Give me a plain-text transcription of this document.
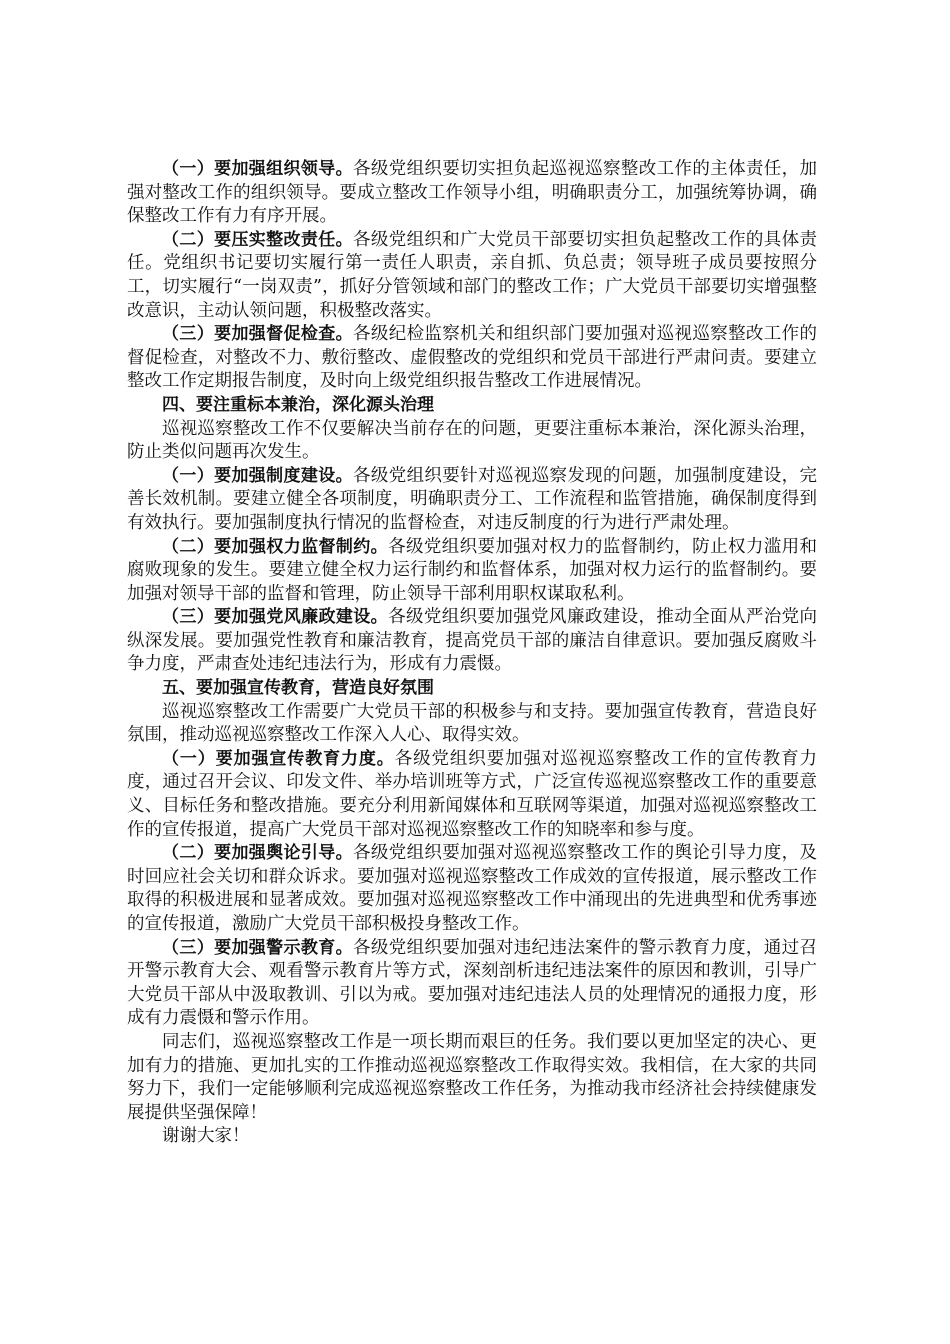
（一）要加强组织领导。各级党组织要切实担负起巡视巡察整改工作的主体责任，加强对整改工作的组织领导。要成立整改工作领导小组，明确职责分工，加强统筹协调，确保整改工作有力有序开展。

（二）要压实整改责任。各级党组织和广大党员干部要切实担负起整改工作的具体责任。党组织书记要切实履行第一责任人职责，亲自抓、负总责；领导班子成员要按照分工，切实履行“一岗双责”，抓好分管领域和部门的整改工作；广大党员干部要切实增强整改意识，主动认领问题，积极整改落实。

（三）要加强督促检查。各级纪检监察机关和组织部门要加强对巡视巡察整改工作的督促检查，对整改不力、敷衍整改、虚假整改的党组织和党员干部进行严肃问责。要建立整改工作定期报告制度，及时向上级党组织报告整改工作进展情况。

四、要注重标本兼治，深化源头治理

巡视巡察整改工作不仅要解决当前存在的问题，更要注重标本兼治，深化源头治理，防止类似问题再次发生。

（一）要加强制度建设。各级党组织要针对巡视巡察发现的问题，加强制度建设，完善长效机制。要建立健全各项制度，明确职责分工、工作流程和监管措施，确保制度得到有效执行。要加强制度执行情况的监督检查，对违反制度的行为进行严肃处理。

（二）要加强权力监督制约。各级党组织要加强对权力的监督制约，防止权力滥用和腐败现象的发生。要建立健全权力运行制约和监督体系，加强对权力运行的监督制约。要加强对领导干部的监督和管理，防止领导干部利用职权谋取私利。

（三）要加强党风廉政建设。各级党组织要加强党风廉政建设，推动全面从严治党向纵深发展。要加强党性教育和廉洁教育，提高党员干部的廉洁自律意识。要加强反腐败斗争力度，严肃查处违纪违法行为，形成有力震慑。

五、要加强宣传教育，营造良好氛围

巡视巡察整改工作需要广大党员干部的积极参与和支持。要加强宣传教育，营造良好氛围，推动巡视巡察整改工作深入人心、取得实效。

（一）要加强宣传教育力度。各级党组织要加强对巡视巡察整改工作的宣传教育力度，通过召开会议、印发文件、举办培训班等方式，广泛宣传巡视巡察整改工作的重要意义、目标任务和整改措施。要充分利用新闻媒体和互联网等渠道，加强对巡视巡察整改工作的宣传报道，提高广大党员干部对巡视巡察整改工作的知晓率和参与度。

（二）要加强舆论引导。各级党组织要加强对巡视巡察整改工作的舆论引导力度，及时回应社会关切和群众诉求。要加强对巡视巡察整改工作成效的宣传报道，展示整改工作取得的积极进展和显著成效。要加强对巡视巡察整改工作中涌现出的先进典型和优秀事迹的宣传报道，激励广大党员干部积极投身整改工作。

（三）要加强警示教育。各级党组织要加强对违纪违法案件的警示教育力度，通过召开警示教育大会、观看警示教育片等方式，深刻剖析违纪违法案件的原因和教训，引导广大党员干部从中汲取教训、引以为戒。要加强对违纪违法人员的处理情况的通报力度，形成有力震慑和警示作用。

同志们，巡视巡察整改工作是一项长期而艰巨的任务。我们要以更加坚定的决心、更加有力的措施、更加扎实的工作推动巡视巡察整改工作取得实效。我相信，在大家的共同努力下，我们一定能够顺利完成巡视巡察整改工作任务，为推动我市经济社会持续健康发展提供坚强保障！

谢谢大家！
